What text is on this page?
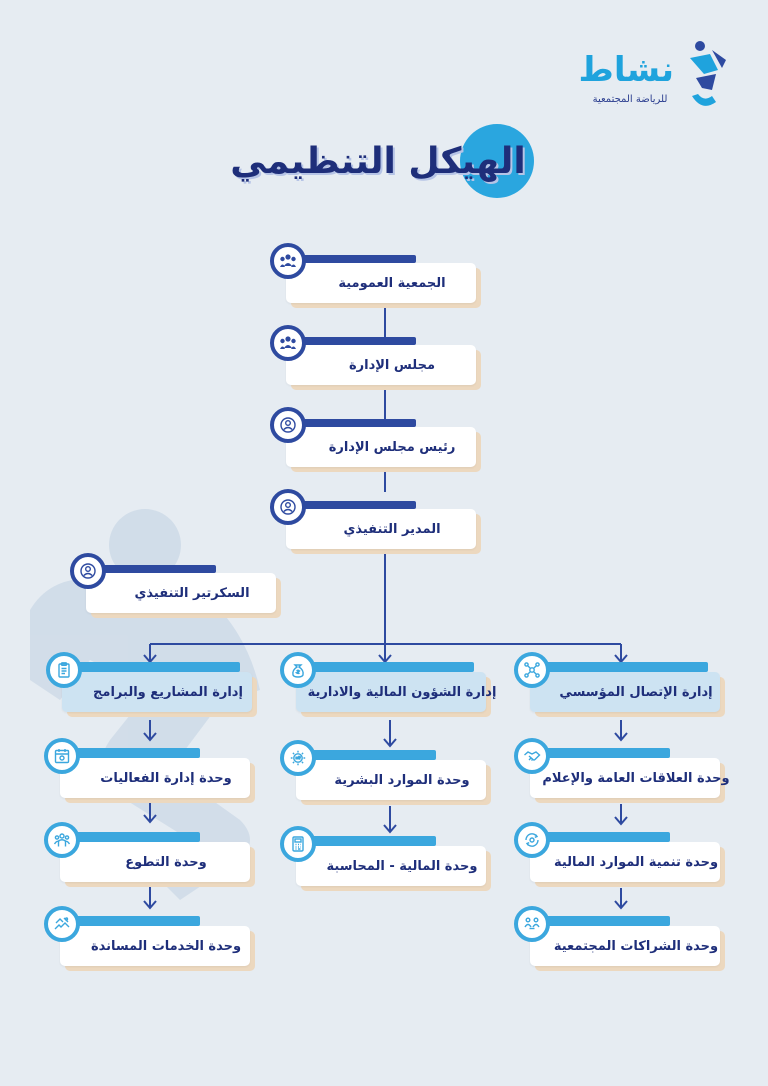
نشاط
للرياضة المجتمعية
الهيكل التنظيمي
الجمعية العمومية
مجلس الإدارة
رئيس مجلس الإدارة
المدير التنفيذي
السكرتير التنفيذي
إدارة الإتصال المؤسسي
وحدة العلاقات العامة والإعلام
وحدة تنمية الموارد المالية
وحدة الشراكات المجتمعية
إدارة الشؤون المالية والادارية
وحدة الموارد البشرية
وحدة المالية - المحاسبة
إدارة المشاريع والبرامج
وحدة إدارة الفعاليات
وحدة التطوع
وحدة الخدمات المساندة
